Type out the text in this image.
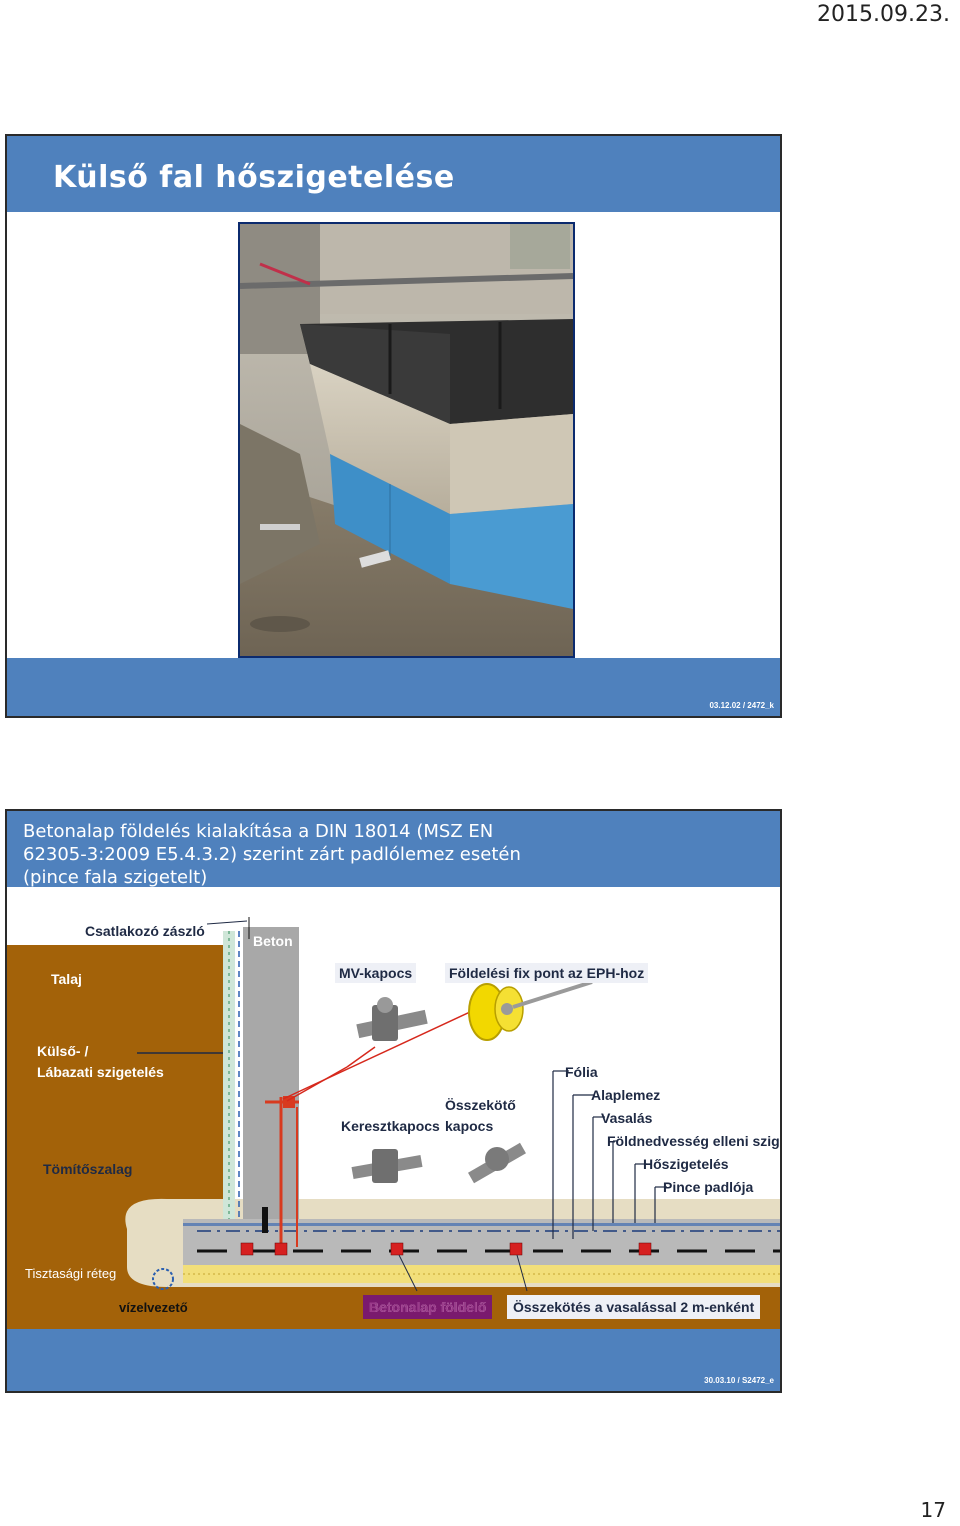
2015.09.23.
17
Külső fal hőszigetelése
03.12.02 / 2472_k
Betonalap földelés kialakítása a DIN 18014 (MSZ EN
62305-3:2009 E5.4.3.2) szerint zárt padlólemez esetén
(pince fala szigetelt)
Csatlakozó zászló
Beton
Talaj	MV-kapocs	Földelési fix pont az EPH-hoz
Külső- /
Lábazati szigetelés
Tömítőszalag
Fólia
Alaplemez
Vasalás
Összekötő
Keresztkapocs kapocs
Földnedvesség elleni szig
Hőszigetelés
Pince padlója
Tisztasági réteg
vízelvezető	Betonalap földelő	Összekötés a vasalással 2 m-enként
30.03.10 / S2472_e
